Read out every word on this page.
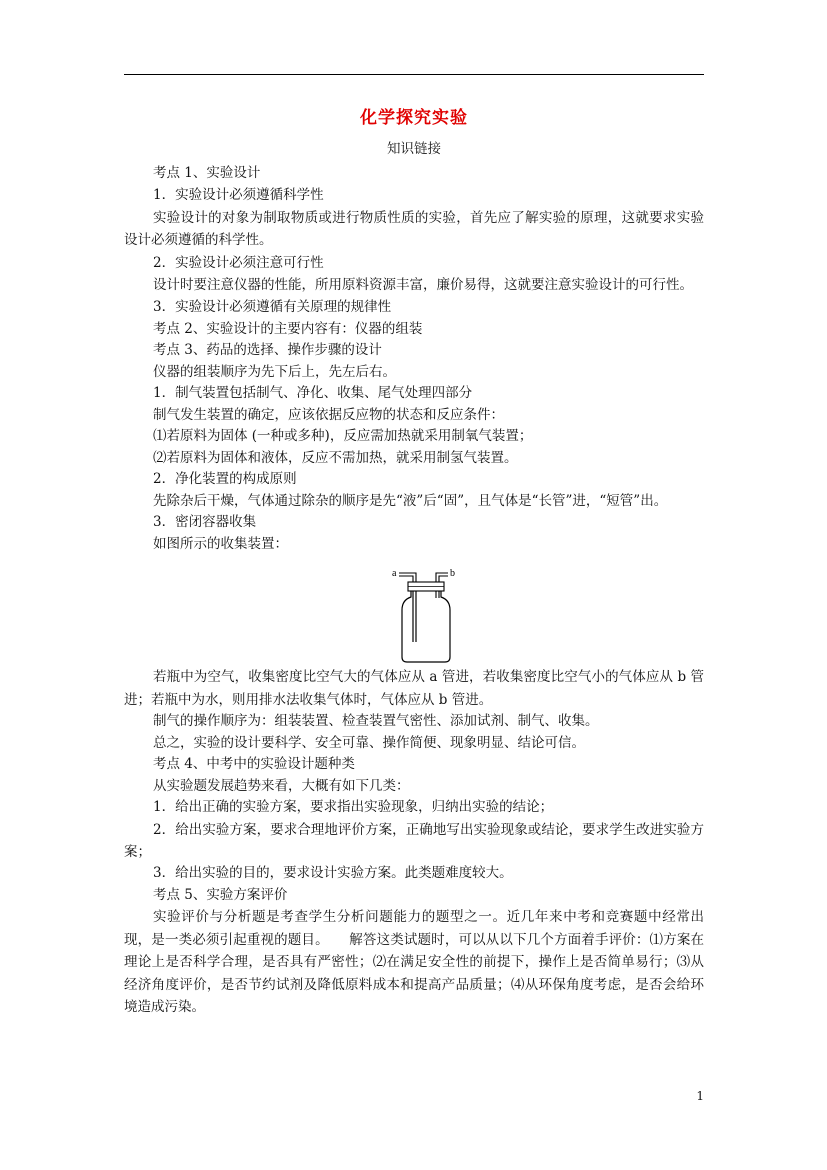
化学探究实验
知识链接

考点 1、实验设计

1．实验设计必须遵循科学性

实验设计的对象为制取物质或进行物质性质的实验，首先应了解实验的原理，这就要求实验设计必须遵循的科学性。

2．实验设计必须注意可行性

设计时要注意仪器的性能，所用原料资源丰富，廉价易得，这就要注意实验设计的可行性。

3．实验设计必须遵循有关原理的规律性

考点 2、实验设计的主要内容有：仪器的组装

考点 3、药品的选择、操作步骤的设计

仪器的组装顺序为先下后上，先左后右。

1．制气装置包括制气、净化、收集、尾气处理四部分

制气发生装置的确定，应该依据反应物的状态和反应条件：

⑴若原料为固体 (一种或多种)，反应需加热就采用制氧气装置；

⑵若原料为固体和液体，反应不需加热，就采用制氢气装置。

2．净化装置的构成原则

先除杂后干燥，气体通过除杂的顺序是先“液”后“固”，且气体是“长管”进，“短管”出。

3．密闭容器收集

如图所示的收集装置：

a	b

若瓶中为空气，收集密度比空气大的气体应从 a 管进，若收集密度比空气小的气体应从 b 管进；若瓶中为水，则用排水法收集气体时，气体应从 b 管进。

制气的操作顺序为：组装装置、检查装置气密性、添加试剂、制气、收集。

总之，实验的设计要科学、安全可靠、操作简便、现象明显、结论可信。

考点 4、中考中的实验设计题种类

从实验题发展趋势来看，大概有如下几类：

1．给出正确的实验方案，要求指出实验现象，归纳出实验的结论；

2．给出实验方案，要求合理地评价方案，正确地写出实验现象或结论，要求学生改进实验方案；

3．给出实验的目的，要求设计实验方案。此类题难度较大。

考点 5、实验方案评价

实验评价与分析题是考查学生分析问题能力的题型之一。近几年来中考和竞赛题中经常出现，是一类必须引起重视的题目。　　解答这类试题时，可以从以下几个方面着手评价：⑴方案在理论上是否科学合理，是否具有严密性；⑵在满足安全性的前提下，操作上是否简单易行；⑶从经济角度评价，是否节约试剂及降低原料成本和提高产品质量；⑷从环保角度考虑，是否会给环境造成污染。

1
